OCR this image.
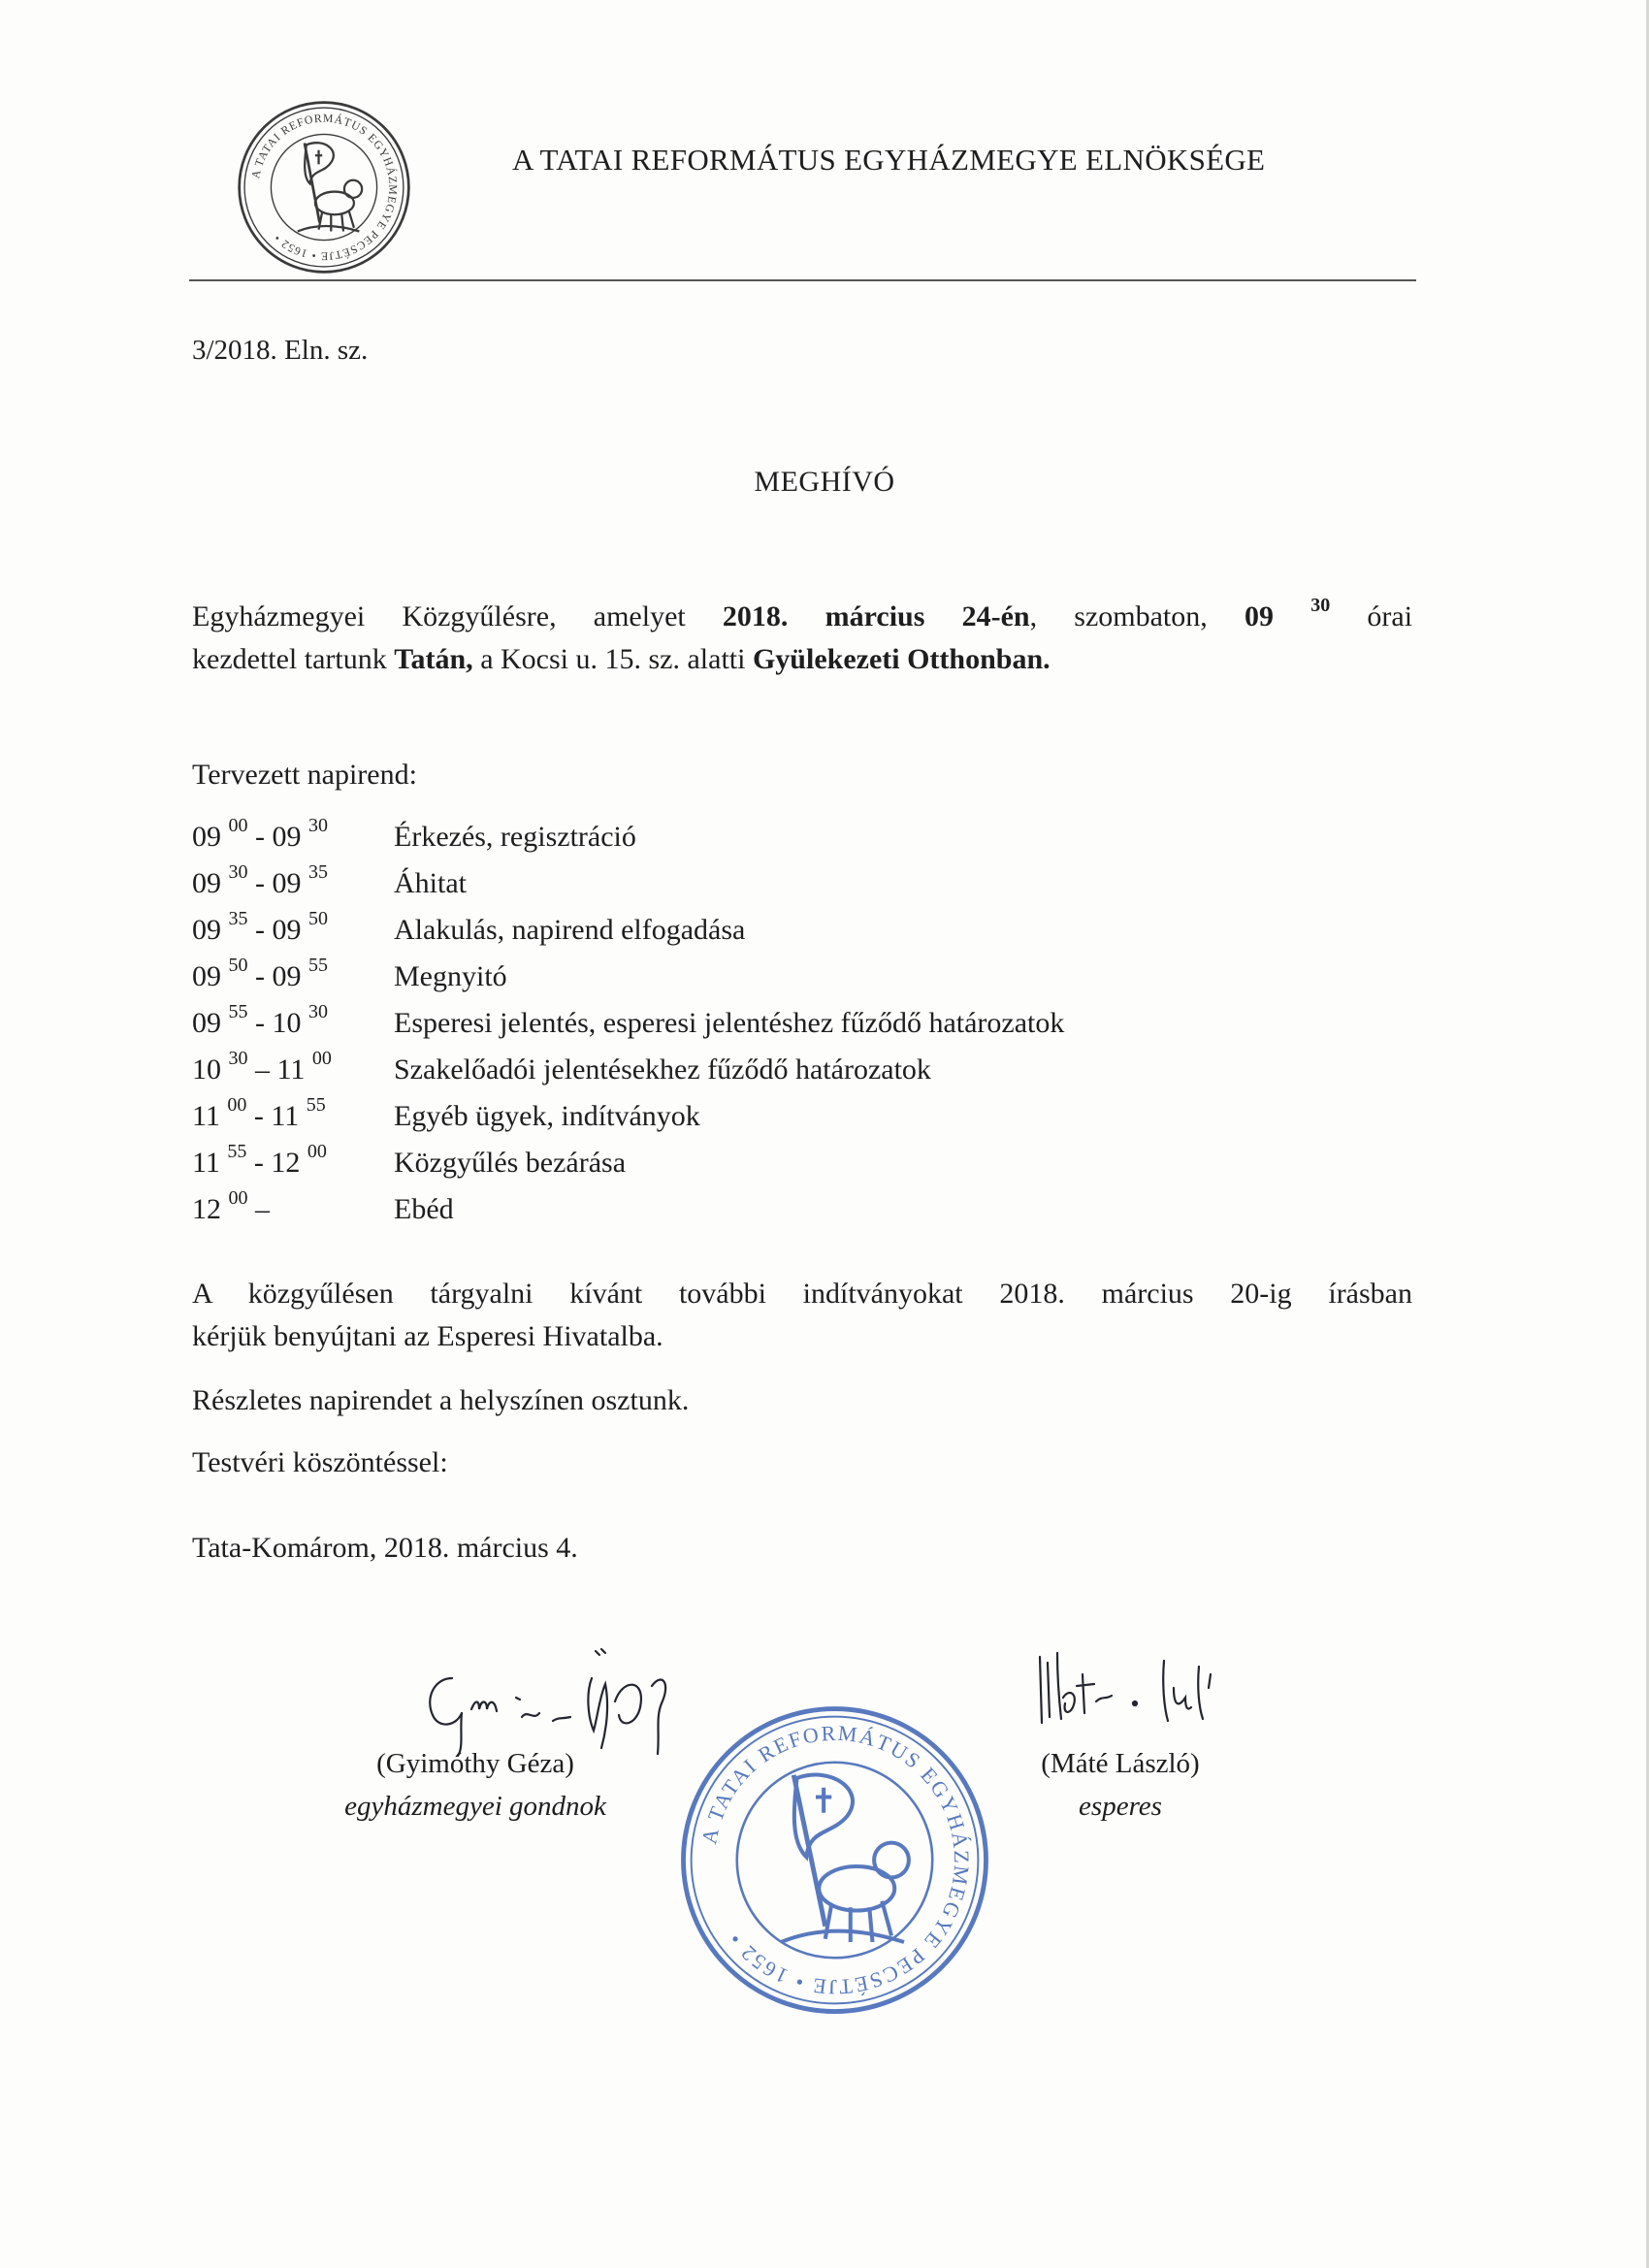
A TATAI REFORMÁTUS EGYHÁZMEGYE PECSÉTJE • 1652 •
A TATAI REFORMÁTUS EGYHÁZMEGYE ELNÖKSÉGE
3/2018. Eln. sz.
MEGHÍVÓ
Egyházmegyei Közgyűlésre, amelyet 2018. március 24-én, szombaton, 09 $^{30}$ órai
kezdettel tartunk Tatán, a Kocsi u. 15. sz. alatti Gyülekezeti Otthonban.
Tervezett napirend:
09 $^{00}$ - 09 $^{30}$ Érkezés, regisztráció
09 $^{30}$ - 09 $^{35}$ Áhitat
09 $^{35}$ - 09 $^{50}$ Alakulás, napirend elfogadása
09 $^{50}$ - 09 $^{55}$ Megnyitó
09 $^{55}$ - 10 $^{30}$ Esperesi jelentés, esperesi jelentéshez fűződő határozatok
10 $^{30}$ – 11 $^{00}$ Szakelőadói jelentésekhez fűződő határozatok
11 $^{00}$ - 11 $^{55}$ Egyéb ügyek, indítványok
11 $^{55}$ - 12 $^{00}$ Közgyűlés bezárása
12 $^{00}$ –	Ebéd
A közgyűlésen tárgyalni kívánt további indítványokat 2018. március 20-ig írásban
kérjük benyújtani az Esperesi Hivatalba.
Részletes napirendet a helyszínen osztunk.
Testvéri köszöntéssel:
Tata-Komárom, 2018. március 4.
(Gyimóthy Géza)
egyházmegyei gondnok
(Máté László)
esperes
A TATAI REFORMÁTUS EGYHÁZMEGYE PECSÉTJE • 1652 •
